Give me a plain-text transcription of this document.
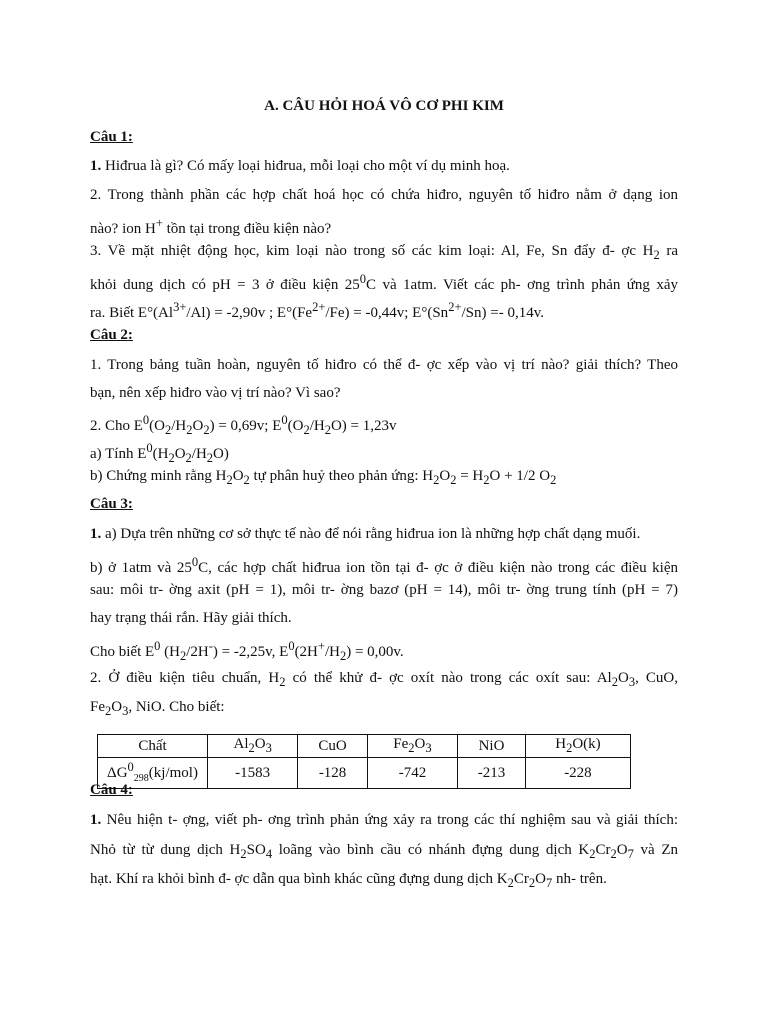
A. CÂU HỎI HOÁ VÔ CƠ PHI KIM
Câu 1:
1. Hiđrua là gì? Có mấy loại hiđrua, mỗi loại cho một ví dụ minh hoạ.
2. Trong thành phần các hợp chất hoá học có chứa hiđro, nguyên tố hiđro nằm ở dạng ion
nào? ion H+ tồn tại trong điều kiện nào?
3. Về mặt nhiệt động học, kim loại nào trong số các kim loại: Al, Fe, Sn đẩy đ- ợc $H_2$ ra
khỏi dung dịch có pH = 3 ở điều kiện $25^0C$ và 1atm. Viết các ph- ơng trình phản ứng xảy
ra. Biết $E^\circ(Al^{3+}/Al) = -2,90v$ ; $E^\circ(Fe^{2+}/Fe) = -0,44v$; $E^\circ(Sn^{2+}/Sn) =- 0,14v$.
Câu 2:
1. Trong bảng tuần hoàn, nguyên tố hiđro có thể đ- ợc xếp vào vị trí nào? giải thích? Theo
bạn, nên xếp hiđro vào vị trí nào? Vì sao?
2. Cho $E^0(O_2/H_2O_2) = 0,69v$; $E^0(O_2/H_2O) = 1,23v$
a) Tính $E^0(H_2O_2/H_2O)$
b) Chứng minh rằng $H_2O_2$ tự phân huỷ theo phản ứng: $H_2O_2 = H_2O + 1/2$ $O_2$
Câu 3:
1. a) Dựa trên những cơ sở thực tế nào để nói rằng hiđrua ion là những hợp chất dạng muối.
b) ở 1atm và $25^0C$, các hợp chất hiđrua ion tồn tại đ- ợc ở điều kiện nào trong các điều kiện
sau: môi tr- ờng axit (pH = 1), môi tr- ờng bazơ (pH = 14), môi tr- ờng trung tính (pH = 7)
hay trạng thái rắn. Hãy giải thích.
Cho biết $E^0$ $(H_2/2H^-) = -2,25v$, $E^0(2H^+/H_2) = 0,00v$.
2. Ở điều kiện tiêu chuẩn, $H_2$ có thể khử đ- ợc oxít nào trong các oxít sau: $Al_2O_3$, CuO,
$Fe_2O_3$, NiO. Cho biết:
Chất	$Al_2O_3$	CuO	$Fe_2O_3$	NiO	$H_2O(k)$
$\Delta G^0_{298}(kj/mol)$	-1583	-128	-742	-213	-228
Câu 4:
1. Nêu hiện t- ợng, viết ph- ơng trình phản ứng xảy ra trong các thí nghiệm sau và giải thích:
Nhỏ từ từ dung dịch $H_2SO_4$ loãng vào bình cầu có nhánh đựng dung dịch $K_2Cr_2O_7$ và Zn
hạt. Khí ra khỏi bình đ- ợc dẫn qua bình khác cũng đựng dung dịch $K_2Cr_2O_7$ nh- trên.
